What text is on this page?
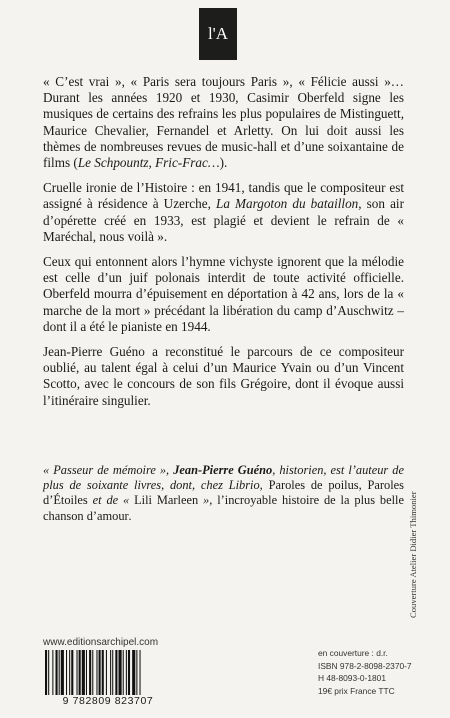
l'A

« C’est vrai », « Paris sera toujours Paris », « Félicie aussi »… Durant les années 1920 et 1930, Casimir Oberfeld signe les musiques de certains des refrains les plus populaires de Mistinguett, Maurice Chevalier, Fernandel et Arletty. On lui doit aussi les thèmes de nombreuses revues de music-hall et d’une soixantaine de films (Le Schpountz, Fric-Frac…).

Cruelle ironie de l’Histoire : en 1941, tandis que le compositeur est assigné à résidence à Uzerche, La Margoton du bataillon, son air d’opérette créé en 1933, est plagié et devient le refrain de « Maréchal, nous voilà ».

Ceux qui entonnent alors l’hymne vichyste ignorent que la mélodie est celle d’un juif polonais interdit de toute activité officielle. Oberfeld mourra d’épuisement en déportation à 42 ans, lors de la « marche de la mort » précédant la libération du camp d’Auschwitz – dont il a été le pianiste en 1944.

Jean-Pierre Guéno a reconstitué le parcours de ce compositeur oublié, au talent égal à celui d’un Maurice Yvain ou d’un Vincent Scotto, avec le concours de son fils Grégoire, dont il évoque aussi l’itinéraire singulier.

« Passeur de mémoire », Jean-Pierre Guéno, historien, est l’auteur de plus de soixante livres, dont, chez Librio, Paroles de poilus, Paroles d’Étoiles et de « Lili Marleen », l’incroyable histoire de la plus belle chanson d’amour.
www.editionsarchipel.com
9 782809 823707
en couverture : d.r.
ISBN 978-2-8098-2370-7
H 48-8093-0-1801
19€ prix France TTC
Couverture Atelier Didier Thimonier
